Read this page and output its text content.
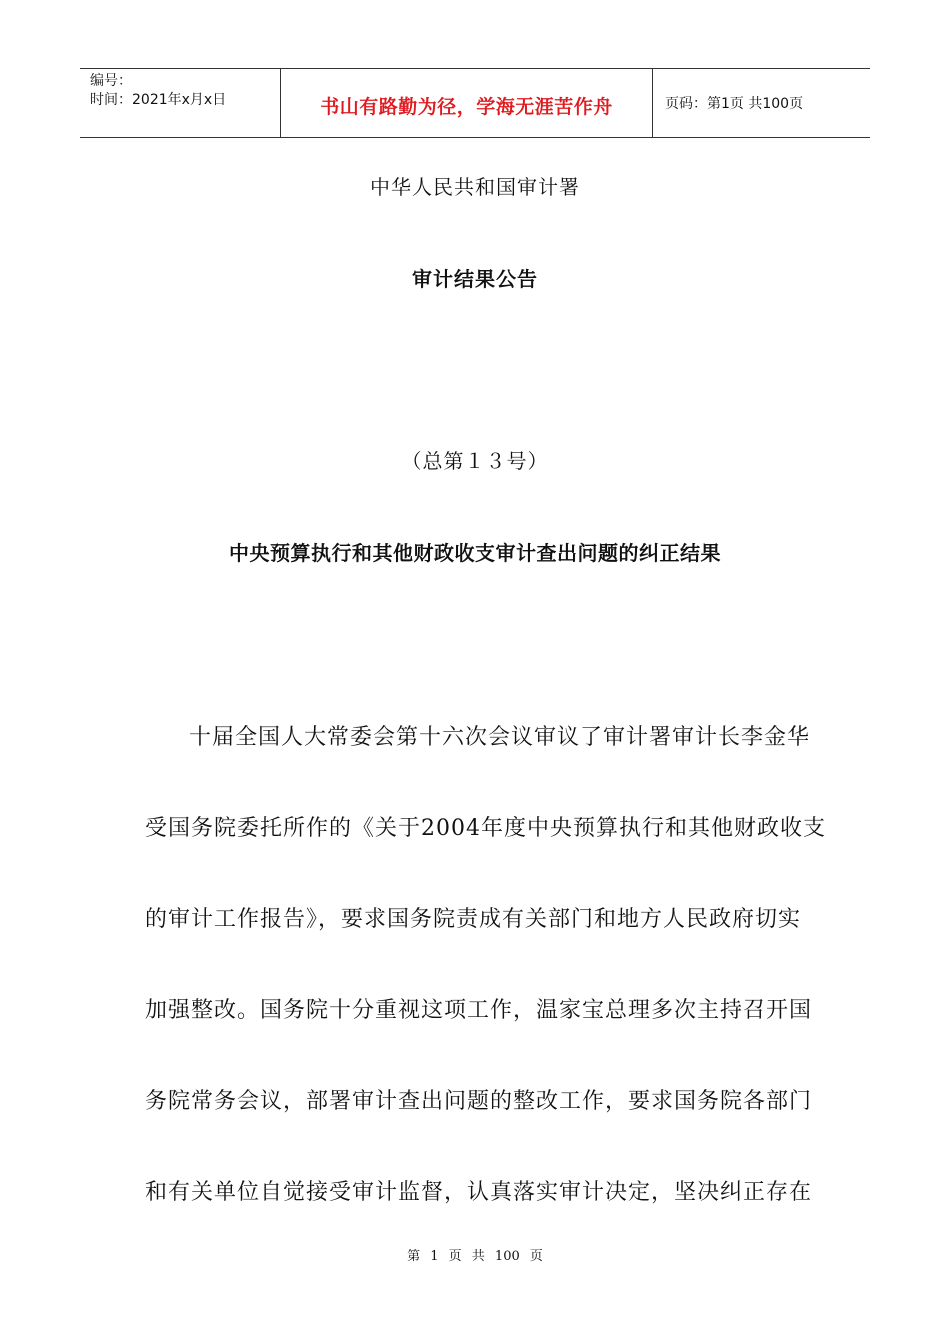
编号：
时间：2021年x月x日	书山有路勤为径，学海无涯苦作舟	页码：第1页 共100页
中华人民共和国审计署
审计结果公告
（总第１３号）
中央预算执行和其他财政收支审计查出问题的纠正结果
十届全国人大常委会第十六次会议审议了审计署审计长李金华
受国务院委托所作的《关于2004年度中央预算执行和其他财政收支
的审计工作报告》，要求国务院责成有关部门和地方人民政府切实
加强整改。国务院十分重视这项工作，温家宝总理多次主持召开国
务院常务会议，部署审计查出问题的整改工作，要求国务院各部门
和有关单位自觉接受审计监督，认真落实审计决定，坚决纠正存在
第 1 页 共 100 页
